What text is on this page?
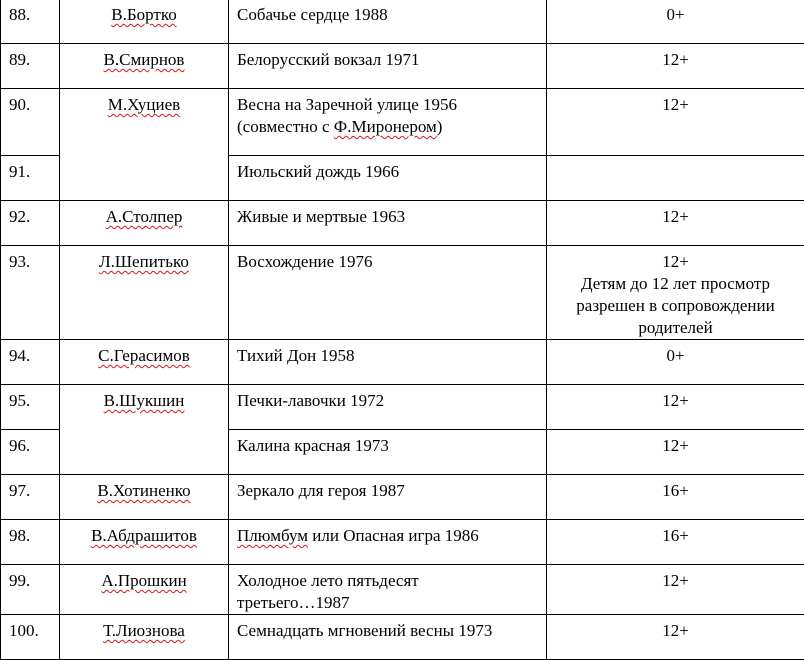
88.	В.Бортко	Собачье сердце 1988	0+
89.	В.Смирнов	Белорусский вокзал 1971	12+
90.	М.Хуциев	Весна на Заречной улице 1956
(совместно с Ф.Миронером)	12+
91.		Июльский дождь 1966	
92.	А.Столпер	Живые и мертвые 1963	12+
93.	Л.Шепитько	Восхождение 1976	12+
Детям до 12 лет просмотр разрешен в сопровождении родителей

94.	С.Герасимов	Тихий Дон 1958	0+
95.	В.Шукшин	Печки-лавочки 1972	12+
96.		Калина красная 1973	12+
97.	В.Хотиненко	Зеркало для героя 1987	16+
98.	В.Абдрашитов	Плюмбум или Опасная игра 1986	16+
99.	А.Прошкин	Холодное лето пятьдесят
третьего…1987	12+
100.	Т.Лиознова	Семнадцать мгновений весны 1973	12+
